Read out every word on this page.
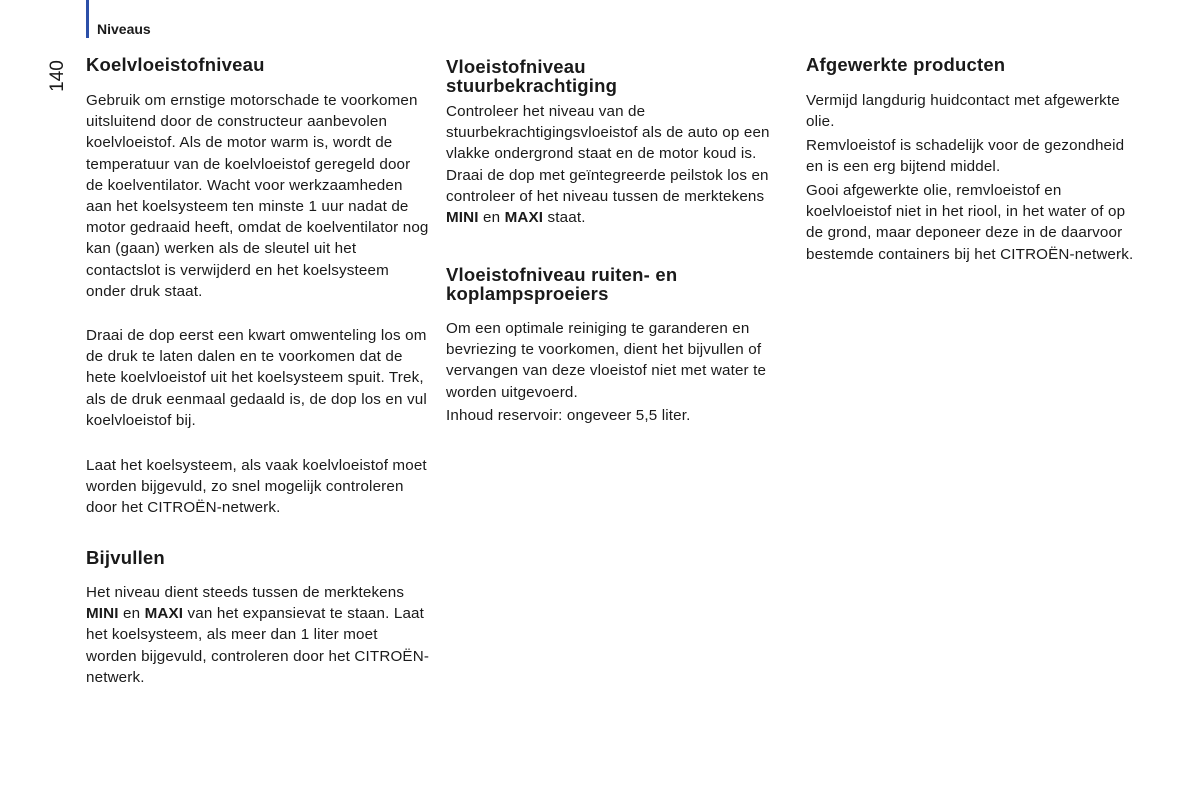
Niveaus
140 Koelvloeistofniveau

Gebruik om ernstige motorschade te voorkomen uitsluitend door de constructeur aanbevolen koelvloeistof. Als de motor warm is, wordt de temperatuur van de koelvloeistof geregeld door de koelventilator. Wacht voor werkzaamheden aan het koelsysteem ten minste 1 uur nadat de motor gedraaid heeft, omdat de koelventilator nog kan (gaan) werken als de sleutel uit het contactslot is verwijderd en het koelsysteem onder druk staat.

Draai de dop eerst een kwart omwenteling los om de druk te laten dalen en te voorkomen dat de hete koelvloeistof uit het koelsysteem spuit. Trek, als de druk eenmaal gedaald is, de dop los en vul koelvloeistof bij.

Laat het koelsysteem, als vaak koelvloeistof moet worden bijgevuld, zo snel mogelijk controleren door het CITROËN-netwerk.

Bijvullen

Het niveau dient steeds tussen de merktekens MINI en MAXI van het expansievat te staan. Laat het koelsysteem, als meer dan 1 liter moet worden bijgevuld, controleren door het CITROËN-netwerk.

Vloeistofniveau
stuurbekrachtiging

Controleer het niveau van de stuurbekrachtigingsvloeistof als de auto op een vlakke ondergrond staat en de motor koud is. Draai de dop met geïntegreerde peilstok los en controleer of het niveau tussen de merktekens MINI en MAXI staat.

Vloeistofniveau ruiten- en
koplampsproeiers

Om een optimale reiniging te garanderen en bevriezing te voorkomen, dient het bijvullen of vervangen van deze vloeistof niet met water te worden uitgevoerd.

Inhoud reservoir: ongeveer 5,5 liter.

Afgewerkte producten

Vermijd langdurig huidcontact met afgewerkte olie.

Remvloeistof is schadelijk voor de gezondheid en is een erg bijtend middel.

Gooi afgewerkte olie, remvloeistof en koelvloeistof niet in het riool, in het water of op de grond, maar deponeer deze in de daarvoor bestemde containers bij het CITROËN-netwerk.
